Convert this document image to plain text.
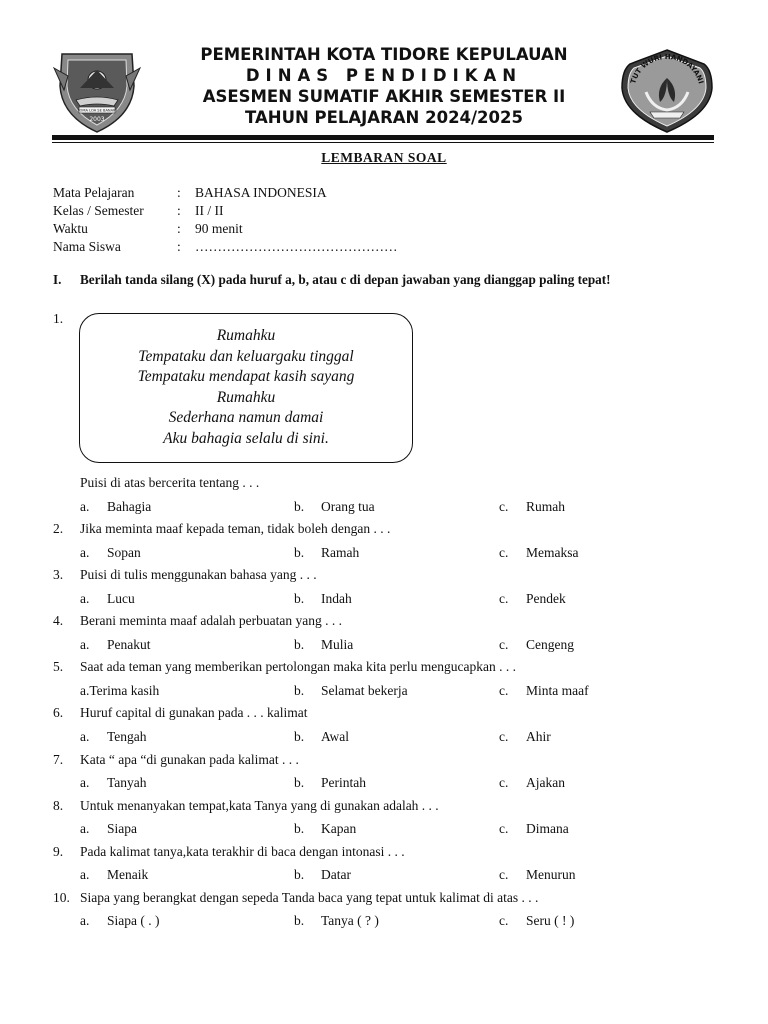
TOMA LOA SE BANARI
2003
PEMERINTAH KOTA TIDORE KEPULAUAN
DINAS PENDIDIKAN
ASESMEN SUMATIF AKHIR SEMESTER II
TAHUN PELAJARAN 2024/2025
TUT WURI HANDAYANI
LEMBARAN SOAL
Mata Pelajaran	: BAHASA INDONESIA
Kelas / Semester : II / II
Waktu	: 90 menit
Nama Siswa	: ………………………………………
I. Berilah tanda silang (X) pada huruf a, b, atau c di depan jawaban yang dianggap paling tepat!
1.
Rumahku
Tempataku dan keluargaku tinggal
Tempataku mendapat kasih sayang
Rumahku
Sederhana namun damai
Aku bahagia selalu di sini.
Puisi di atas bercerita tentang . . .
a. Bahagia	b. Orang tua	c. Rumah
2. Jika meminta maaf kepada teman, tidak boleh dengan . . .
a. Sopan	b. Ramah	c. Memaksa
3. Puisi di tulis menggunakan bahasa yang . . .
a. Lucu	b. Indah	c. Pendek
4. Berani meminta maaf adalah perbuatan yang . . .
a. Penakut	b. Mulia	c. Cengeng
5. Saat ada teman yang memberikan pertolongan maka kita perlu mengucapkan . . .
a.Terima kasih	b. Selamat bekerja	c. Minta maaf
6. Huruf capital di gunakan pada . . . kalimat
a. Tengah	b. Awal	c. Ahir
7. Kata “ apa “di gunakan pada kalimat . . .
a. Tanyah	b. Perintah	c. Ajakan
8. Untuk menanyakan tempat,kata Tanya yang di gunakan adalah . . .
a. Siapa	b. Kapan	c. Dimana
9. Pada kalimat tanya,kata terakhir di baca dengan intonasi . . .
a. Menaik	b. Datar	c. Menurun
10. Siapa yang berangkat dengan sepeda Tanda baca yang tepat untuk kalimat di atas . . .
a. Siapa ( . )	b. Tanya ( ? )	c. Seru ( ! )
